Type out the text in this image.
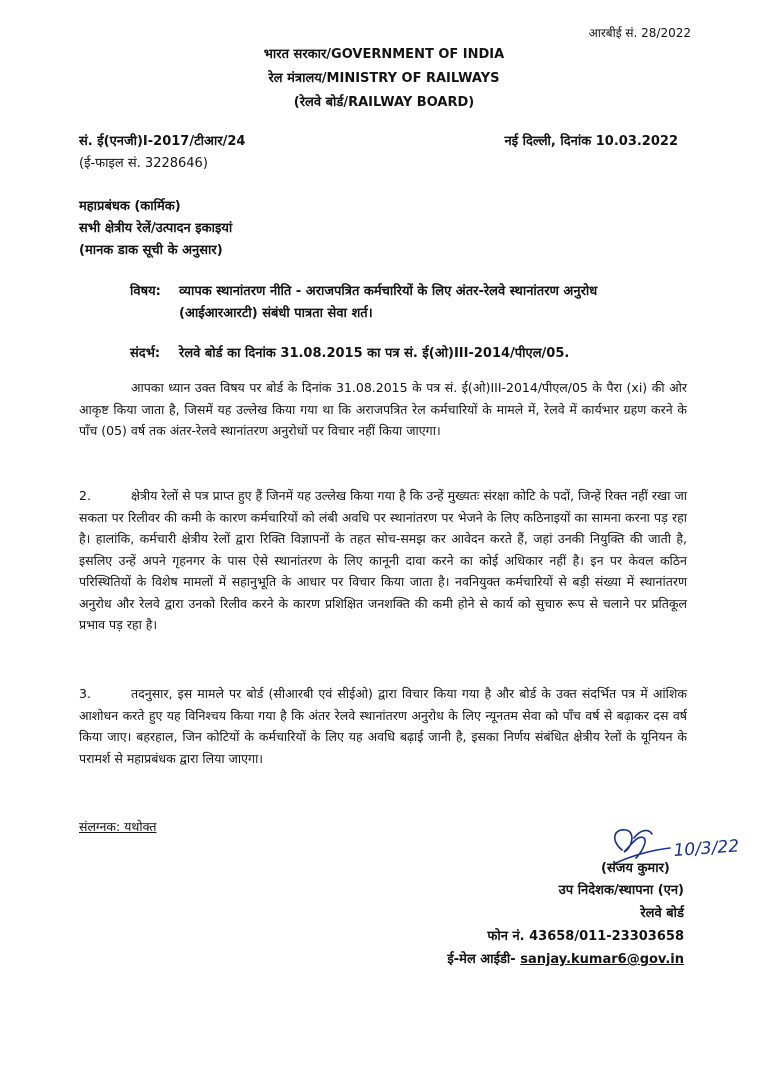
आरबीई सं. 28/2022
भारत सरकार/GOVERNMENT OF INDIA
रेल मंत्रालय/MINISTRY OF RAILWAYS
(रेलवे बोर्ड/RAILWAY BOARD)
सं. ई(एनजी)I-2017/टीआर/24
(ई-फाइल सं. 3228646)
नई दिल्ली, दिनांक 10.03.2022
महाप्रबंधक (कार्मिक)
सभी क्षेत्रीय रेलें/उत्पादन इकाइयां
(मानक डाक सूची के अनुसार)
विषय: व्यापक स्थानांतरण नीति - अराजपत्रित कर्मचारियों के लिए अंतर-रेलवे स्थानांतरण अनुरोध
(आईआरआरटी) संबंधी पात्रता सेवा शर्त।
संदर्भ: रेलवे बोर्ड का दिनांक 31.08.2015 का पत्र सं. ई(ओ)III-2014/पीएल/05.

आपका ध्यान उक्त विषय पर बोर्ड के दिनांक 31.08.2015 के पत्र सं. ई(ओ)III-2014/पीएल/05 के पैरा (xi) की ओर आकृष्ट किया जाता है, जिसमें यह उल्लेख किया गया था कि अराजपत्रित रेल कर्मचारियों के मामले में, रेलवे में कार्यभार ग्रहण करने के पाँच (05) वर्ष तक अंतर-रेलवे स्थानांतरण अनुरोधों पर विचार नहीं किया जाएगा।

2.	क्षेत्रीय रेलों से पत्र प्राप्त हुए हैं जिनमें यह उल्लेख किया गया है कि उन्हें मुख्यतः संरक्षा कोटि के पदों, जिन्हें रिक्त नहीं रखा जा सकता पर रिलीवर की कमी के कारण कर्मचारियों को लंबी अवधि पर स्थानांतरण पर भेजने के लिए कठिनाइयों का सामना करना पड़ रहा है। हालांकि, कर्मचारी क्षेत्रीय रेलों द्वारा रिक्ति विज्ञापनों के तहत सोच-समझ कर आवेदन करते हैं, जहां उनकी नियुक्ति की जाती है, इसलिए उन्हें अपने गृहनगर के पास ऐसे स्थानांतरण के लिए कानूनी दावा करने का कोई अधिकार नहीं है। इन पर केवल कठिन परिस्थितियों के विशेष मामलों में सहानुभूति के आधार पर विचार किया जाता है। नवनियुक्त कर्मचारियों से बड़ी संख्या में स्थानांतरण अनुरोध और रेलवे द्वारा उनको रिलीव करने के कारण प्रशिक्षित जनशक्ति की कमी होने से कार्य को सुचारु रूप से चलाने पर प्रतिकूल प्रभाव पड़ रहा है।

3.	तदनुसार, इस मामले पर बोर्ड (सीआरबी एवं सीईओ) द्वारा विचार किया गया है और बोर्ड के उक्त संदर्भित पत्र में आंशिक आशोधन करते हुए यह विनिश्चय किया गया है कि अंतर रेलवे स्थानांतरण अनुरोध के लिए न्यूनतम सेवा को पाँच वर्ष से बढ़ाकर दस वर्ष किया जाए। बहरहाल, जिन कोटियों के कर्मचारियों के लिए यह अवधि बढ़ाई जानी है, इसका निर्णय संबंधित क्षेत्रीय रेलों के यूनियन के परामर्श से महाप्रबंधक द्वारा लिया जाएगा।

संलग्नक: यथोक्त
10/3/22
(संजय कुमार)
उप निदेशक/स्थापना (एन)
रेलवे बोर्ड
फोन नं. 43658/011-23303658
ई-मेल आईडी- sanjay.kumar6@gov.in
